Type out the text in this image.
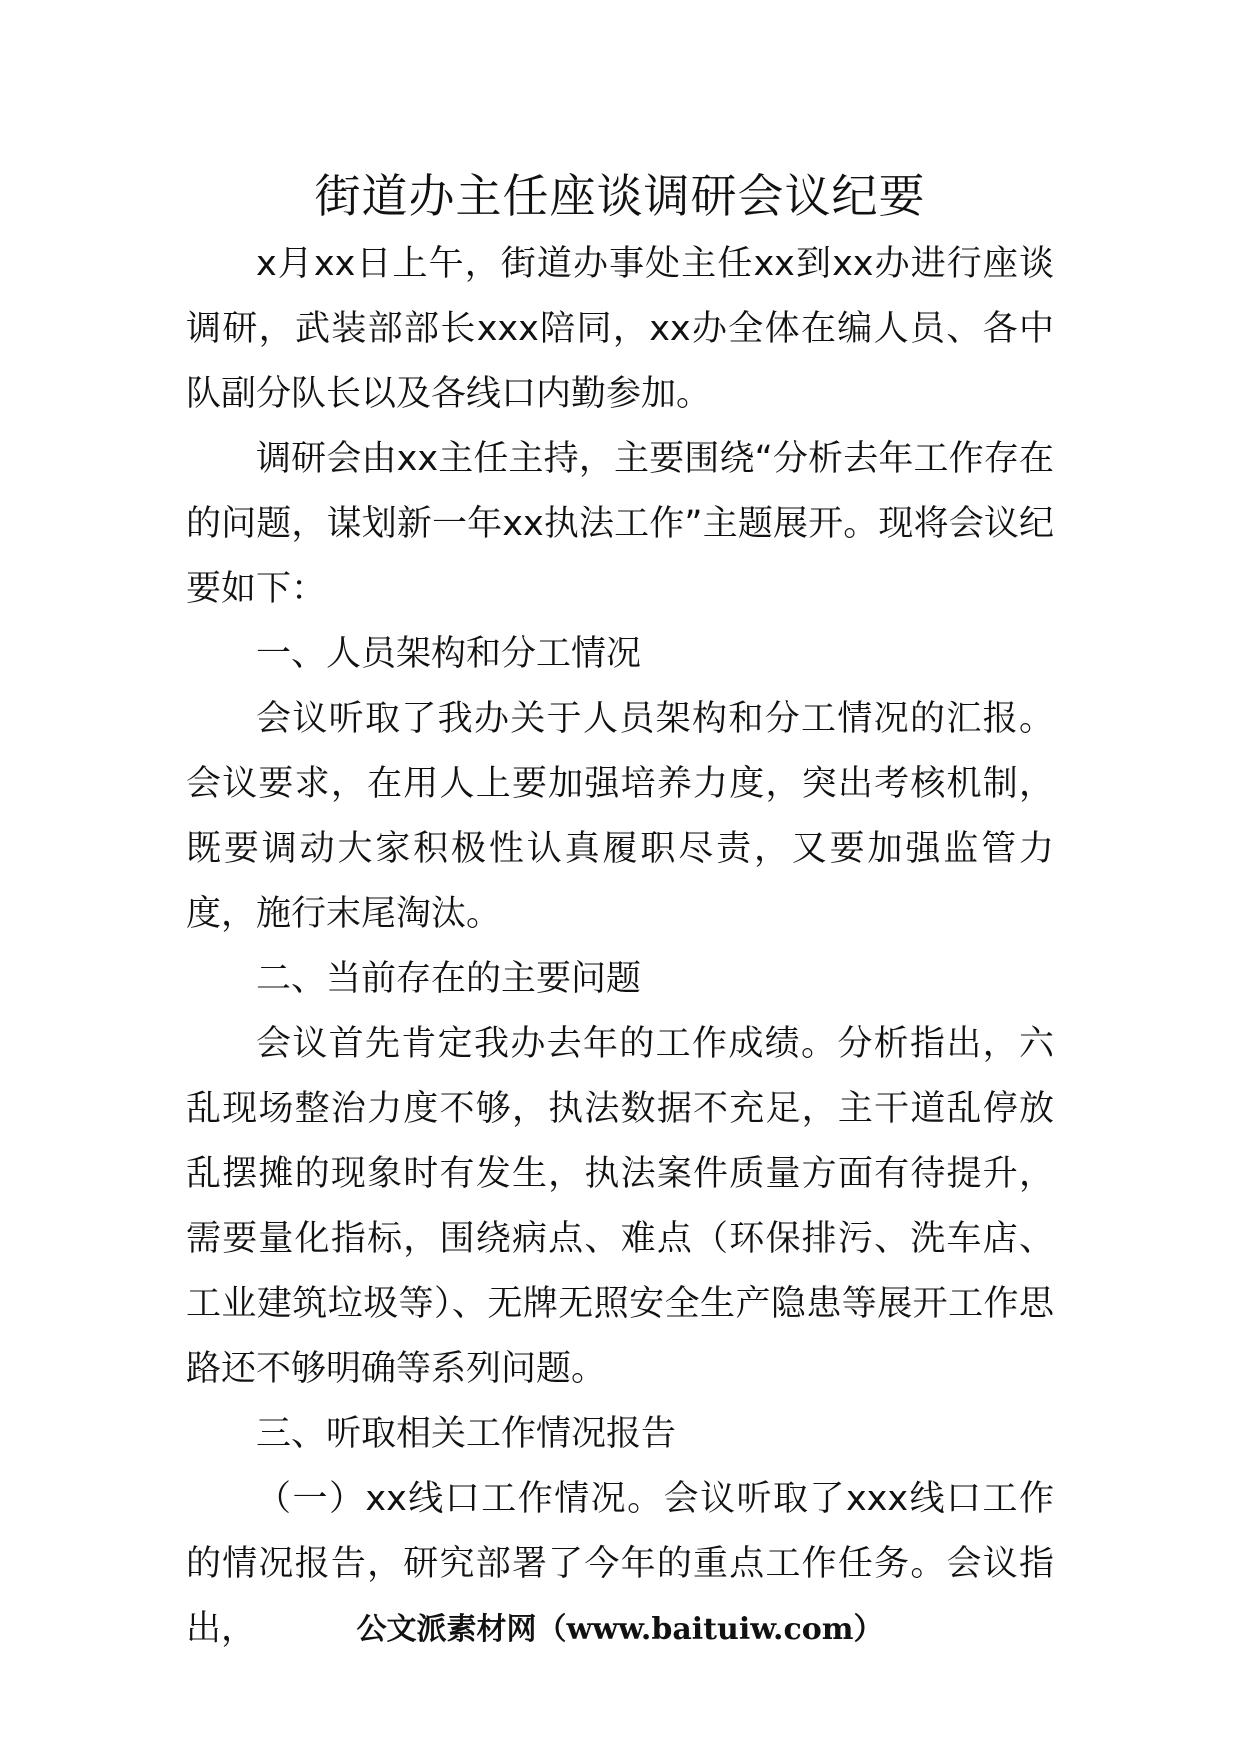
街道办主任座谈调研会议纪要

x月xx日上午，街道办事处主任xx到xx办进行座谈调研，武装部部长xxx陪同，xx办全体在编人员、各中队副分队长以及各线口内勤参加。

调研会由xx主任主持，主要围绕“分析去年工作存在的问题，谋划新一年xx执法工作”主题展开。现将会议纪要如下：

一、人员架构和分工情况

会议听取了我办关于人员架构和分工情况的汇报。会议要求，在用人上要加强培养力度，突出考核机制，既要调动大家积极性认真履职尽责，又要加强监管力度，施行末尾淘汰。

二、当前存在的主要问题

会议首先肯定我办去年的工作成绩。分析指出，六乱现场整治力度不够，执法数据不充足，主干道乱停放乱摆摊的现象时有发生，执法案件质量方面有待提升，需要量化指标，围绕病点、难点（环保排污、洗车店、工业建筑垃圾等）、无牌无照安全生产隐患等展开工作思路还不够明确等系列问题。

三、听取相关工作情况报告

（一）xx线口工作情况。会议听取了xxx线口工作的情况报告，研究部署了今年的重点工作任务。会议指出，	公文派素材网（www.baituiw.com）
